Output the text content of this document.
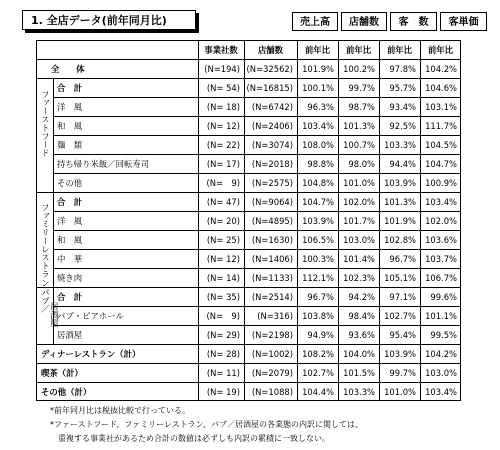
1. 全店データ(前年同月比)	売上高	店舗数	客　数	客単価
ファーストフード
ファミリーレストラン
パブ／
居酒屋
事業社数	店舗数	前年比	前年比	前年比	前年比
全　　体	(N=194) (N=32562)	101.9%	100.2%	97.8%	104.2%
合　計	(N= 54) (N=16815)	100.1%	99.7%	95.7%	104.6%
洋　風	(N= 18)	(N=6742)	96.3%	98.7%	93.4%	103.1%
和　風	(N= 12)	(N=2406)	103.4%	101.3%	92.5%	111.7%
麺　類	(N= 22)	(N=3074)	108.0%	100.7%	103.3%	104.5%
持ち帰り米飯／回転寿司	(N= 17)	(N=2018)	98.8%	98.0%	94.4%	104.7%
その他	(N=　9)	(N=2575)	104.8%	101.0%	103.9%	100.9%
合　計	(N= 47)	(N=9064)	104.7%	102.0%	101.3%	103.4%
洋　風	(N= 20)	(N=4895)	103.9%	101.7%	101.9%	102.0%
和　風	(N= 25)	(N=1630)	106.5%	103.0%	102.8%	103.6%
中　華	(N= 12)	(N=1406)	100.3%	101.4%	96.7%	103.7%
焼き肉	(N= 14)	(N=1133)	112.1%	102.3%	105.1%	106.7%
合　計	(N= 35)	(N=2514)	96.7%	94.2%	97.1%	99.6%
パブ・ビアホール	(N=　9)	(N=316)	103.8%	98.4%	102.7%	101.1%
居酒屋	(N= 29)	(N=2198)	94.9%	93.6%	95.4%	99.5%
ディナーレストラン（計）	(N= 28)	(N=1002)	108.2%	104.0%	103.9%	104.2%
喫茶（計）	(N= 11)	(N=2079)	102.7%	101.5%	99.7%	103.0%
その他（計）	(N= 19)	(N=1088)	104.4%	103.3%	101.0%	103.4%
*前年同月比は税抜比較で行っている。
*ファーストフード、ファミリーレストラン、パブ／居酒屋の各業態の内訳に関しては、
　重複する事業社があるため合計の数値は必ずしも内訳の累積に一致しない。
